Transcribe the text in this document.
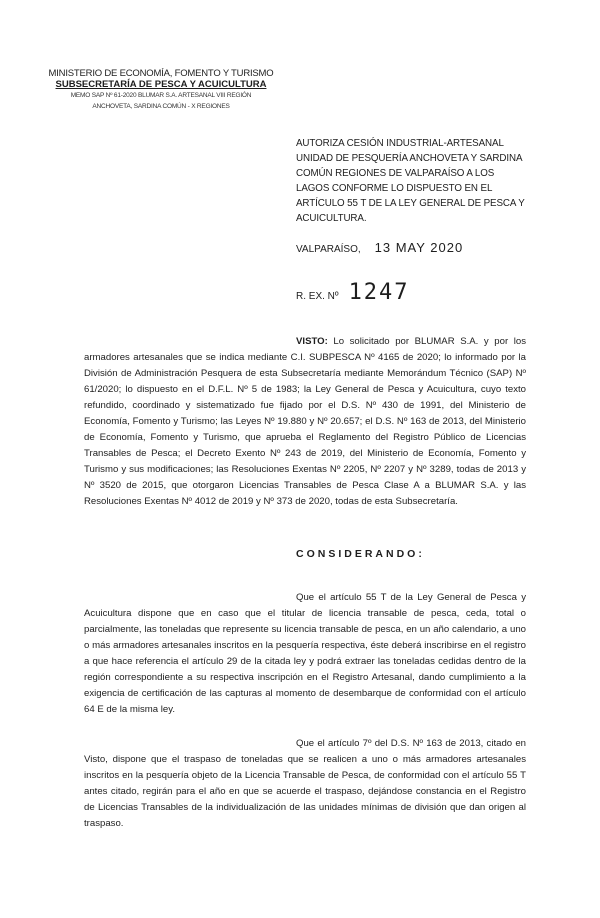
MINISTERIO DE ECONOMÍA, FOMENTO Y TURISMO
SUBSECRETARÍA DE PESCA Y ACUICULTURA
MEMO SAP Nº 61-2020 BLUMAR S.A. ARTESANAL VIII REGIÓN
ANCHOVETA, SARDINA COMÚN - X REGIONES
AUTORIZA CESIÓN INDUSTRIAL-ARTESANAL UNIDAD DE PESQUERÍA ANCHOVETA Y SARDINA COMÚN REGIONES DE VALPARAÍSO A LOS LAGOS CONFORME LO DISPUESTO EN EL ARTÍCULO 55 T DE LA LEY GENERAL DE PESCA Y ACUICULTURA.
VALPARAÍSO, 13 MAY 2020
R. EX. Nº 1247

VISTO: Lo solicitado por BLUMAR S.A. y por los armadores artesanales que se indica mediante C.I. SUBPESCA Nº 4165 de 2020; lo informado por la División de Administración Pesquera de esta Subsecretaría mediante Memorándum Técnico (SAP) Nº 61/2020; lo dispuesto en el D.F.L. Nº 5 de 1983; la Ley General de Pesca y Acuicultura, cuyo texto refundido, coordinado y sistematizado fue fijado por el D.S. Nº 430 de 1991, del Ministerio de Economía, Fomento y Turismo; las Leyes Nº 19.880 y Nº 20.657; el D.S. Nº 163 de 2013, del Ministerio de Economía, Fomento y Turismo, que aprueba el Reglamento del Registro Público de Licencias Transables de Pesca; el Decreto Exento Nº 243 de 2019, del Ministerio de Economía, Fomento y Turismo y sus modificaciones; las Resoluciones Exentas Nº 2205, Nº 2207 y Nº 3289, todas de 2013 y Nº 3520 de 2015, que otorgaron Licencias Transables de Pesca Clase A a BLUMAR S.A. y las Resoluciones Exentas Nº 4012 de 2019 y Nº 373 de 2020, todas de esta Subsecretaría.

CONSIDERANDO:

Que el artículo 55 T de la Ley General de Pesca y Acuicultura dispone que en caso que el titular de licencia transable de pesca, ceda, total o parcialmente, las toneladas que represente su licencia transable de pesca, en un año calendario, a uno o más armadores artesanales inscritos en la pesquería respectiva, éste deberá inscribirse en el registro a que hace referencia el artículo 29 de la citada ley y podrá extraer las toneladas cedidas dentro de la región correspondiente a su respectiva inscripción en el Registro Artesanal, dando cumplimiento a la exigencia de certificación de las capturas al momento de desembarque de conformidad con el artículo 64 E de la misma ley.

Que el artículo 7º del D.S. Nº 163 de 2013, citado en Visto, dispone que el traspaso de toneladas que se realicen a uno o más armadores artesanales inscritos en la pesquería objeto de la Licencia Transable de Pesca, de conformidad con el artículo 55 T antes citado, regirán para el año en que se acuerde el traspaso, dejándose constancia en el Registro de Licencias Transables de la individualización de las unidades mínimas de división que dan origen al traspaso.
